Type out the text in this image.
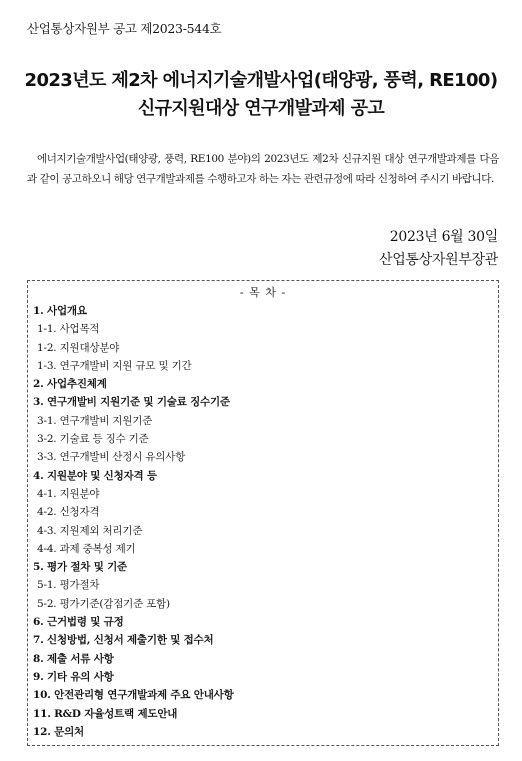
산업통상자원부 공고 제2023-544호
2023년도 제2차 에너지기술개발사업(태양광, 풍력, RE100)
신규지원대상 연구개발과제 공고
에너지기술개발사업(태양광, 풍력, RE100 분야)의 2023년도 제2차 신규지원 대상 연구개발과제를 다음과 같이 공고하오니 해당 연구개발과제를 수행하고자 하는 자는 관련규정에 따라 신청하여 주시기 바랍니다.
2023년 6월 30일
산업통상자원부장관
- 목 차 -
1. 사업개요
1-1. 사업목적
1-2. 지원대상분야
1-3. 연구개발비 지원 규모 및 기간
2. 사업추진체계
3. 연구개발비 지원기준 및 기술료 징수기준
3-1. 연구개발비 지원기준
3-2. 기술료 등 징수 기준
3-3. 연구개발비 산정시 유의사항
4. 지원분야 및 신청자격 등
4-1. 지원분야
4-2. 신청자격
4-3. 지원제외 처리기준
4-4. 과제 중복성 제기
5. 평가 절차 및 기준
5-1. 평가절차
5-2. 평가기준(감점기준 포함)
6. 근거법령 및 규정
7. 신청방법, 신청서 제출기한 및 접수처
8. 제출 서류 사항
9. 기타 유의 사항
10. 안전관리형 연구개발과제 주요 안내사항
11. R&D 자율성트랙 제도안내
12. 문의처
